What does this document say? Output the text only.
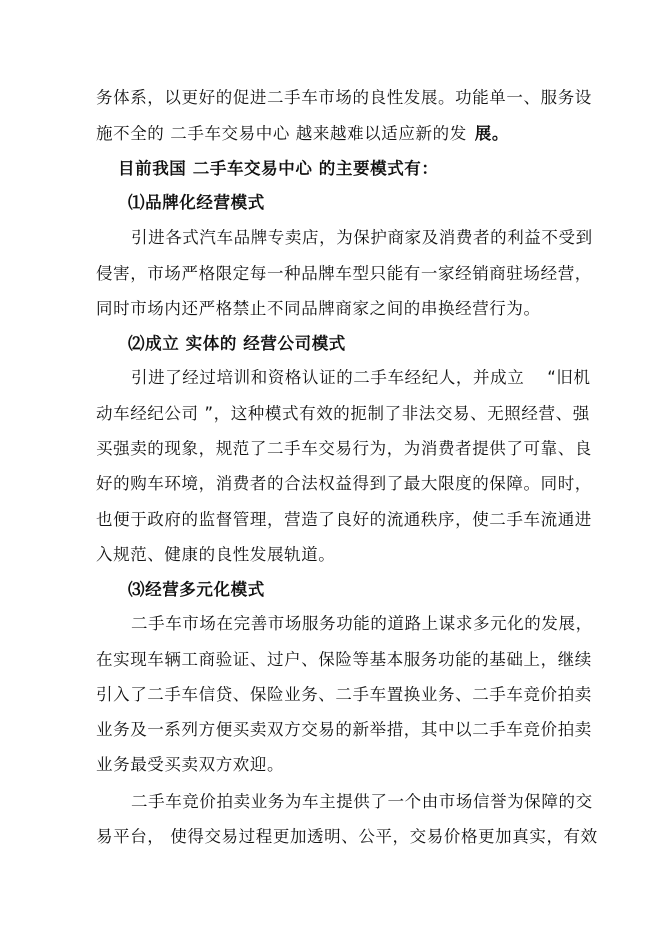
务体系，以更好的促进二手车市场的良性发展。功能单一、服务设
施不全的 二手车交易中心 越来越难以适应新的发 展。
目前我国 二手车交易中心 的主要模式有：
⑴品牌化经营模式
引进各式汽车品牌专卖店，为保护商家及消费者的利益不受到
侵害，市场严格限定每一种品牌车型只能有一家经销商驻场经营，
同时市场内还严格禁止不同品牌商家之间的串换经营行为。
⑵成立 实体的 经营公司模式
引进了经过培训和资格认证的二手车经纪人，并成立　 “旧机
动车经纪公司 ”，这种模式有效的扼制了非法交易、无照经营、强
买强卖的现象，规范了二手车交易行为，为消费者提供了可靠、良
好的购车环境，消费者的合法权益得到了最大限度的保障。同时，
也便于政府的监督管理，营造了良好的流通秩序，使二手车流通进
入规范、健康的良性发展轨道。
⑶经营多元化模式
二手车市场在完善市场服务功能的道路上谋求多元化的发展，
在实现车辆工商验证、过户、保险等基本服务功能的基础上，继续
引入了二手车信贷、保险业务、二手车置换业务、二手车竞价拍卖
业务及一系列方便买卖双方交易的新举措，其中以二手车竞价拍卖
业务最受买卖双方欢迎。
二手车竞价拍卖业务为车主提供了一个由市场信誉为保障的交
易平台， 使得交易过程更加透明、公平，交易价格更加真实，有效
